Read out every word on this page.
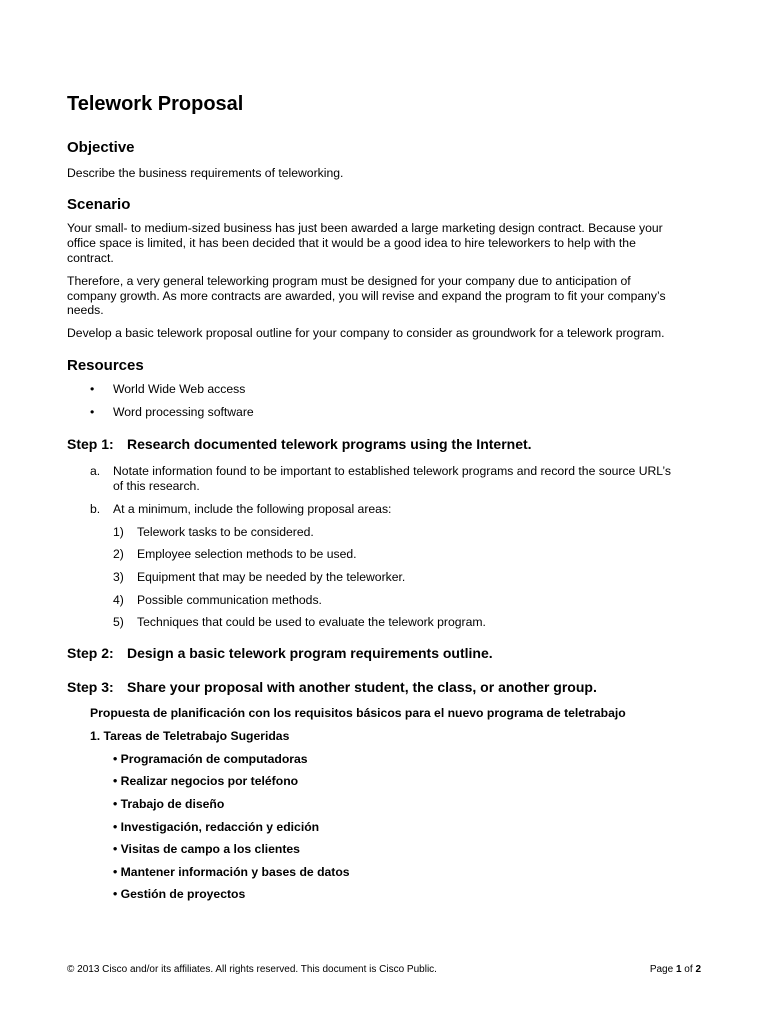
Telework Proposal
Objective
Describe the business requirements of teleworking.
Scenario
Your small- to medium-sized business has just been awarded a large marketing design contract. Because your
office space is limited, it has been decided that it would be a good idea to hire teleworkers to help with the
contract.
Therefore, a very general teleworking program must be designed for your company due to anticipation of
company growth. As more contracts are awarded, you will revise and expand the program to fit your company’s
needs.
Develop a basic telework proposal outline for your company to consider as groundwork for a telework program.
Resources
• World Wide Web access
• Word processing software
Step 1: Research documented telework programs using the Internet.
a. Notate information found to be important to established telework programs and record the source URL’s
of this research.
b. At a minimum, include the following proposal areas:
1) Telework tasks to be considered.
2) Employee selection methods to be used.
3) Equipment that may be needed by the teleworker.
4) Possible communication methods.
5) Techniques that could be used to evaluate the telework program.
Step 2: Design a basic telework program requirements outline.
Step 3: Share your proposal with another student, the class, or another group.
Propuesta de planificación con los requisitos básicos para el nuevo programa de teletrabajo
1. Tareas de Teletrabajo Sugeridas
• Programación de computadoras
• Realizar negocios por teléfono
• Trabajo de diseño
• Investigación, redacción y edición
• Visitas de campo a los clientes
• Mantener información y bases de datos
• Gestión de proyectos
© 2013 Cisco and/or its affiliates. All rights reserved. This document is Cisco Public.	Page 1 of 2
